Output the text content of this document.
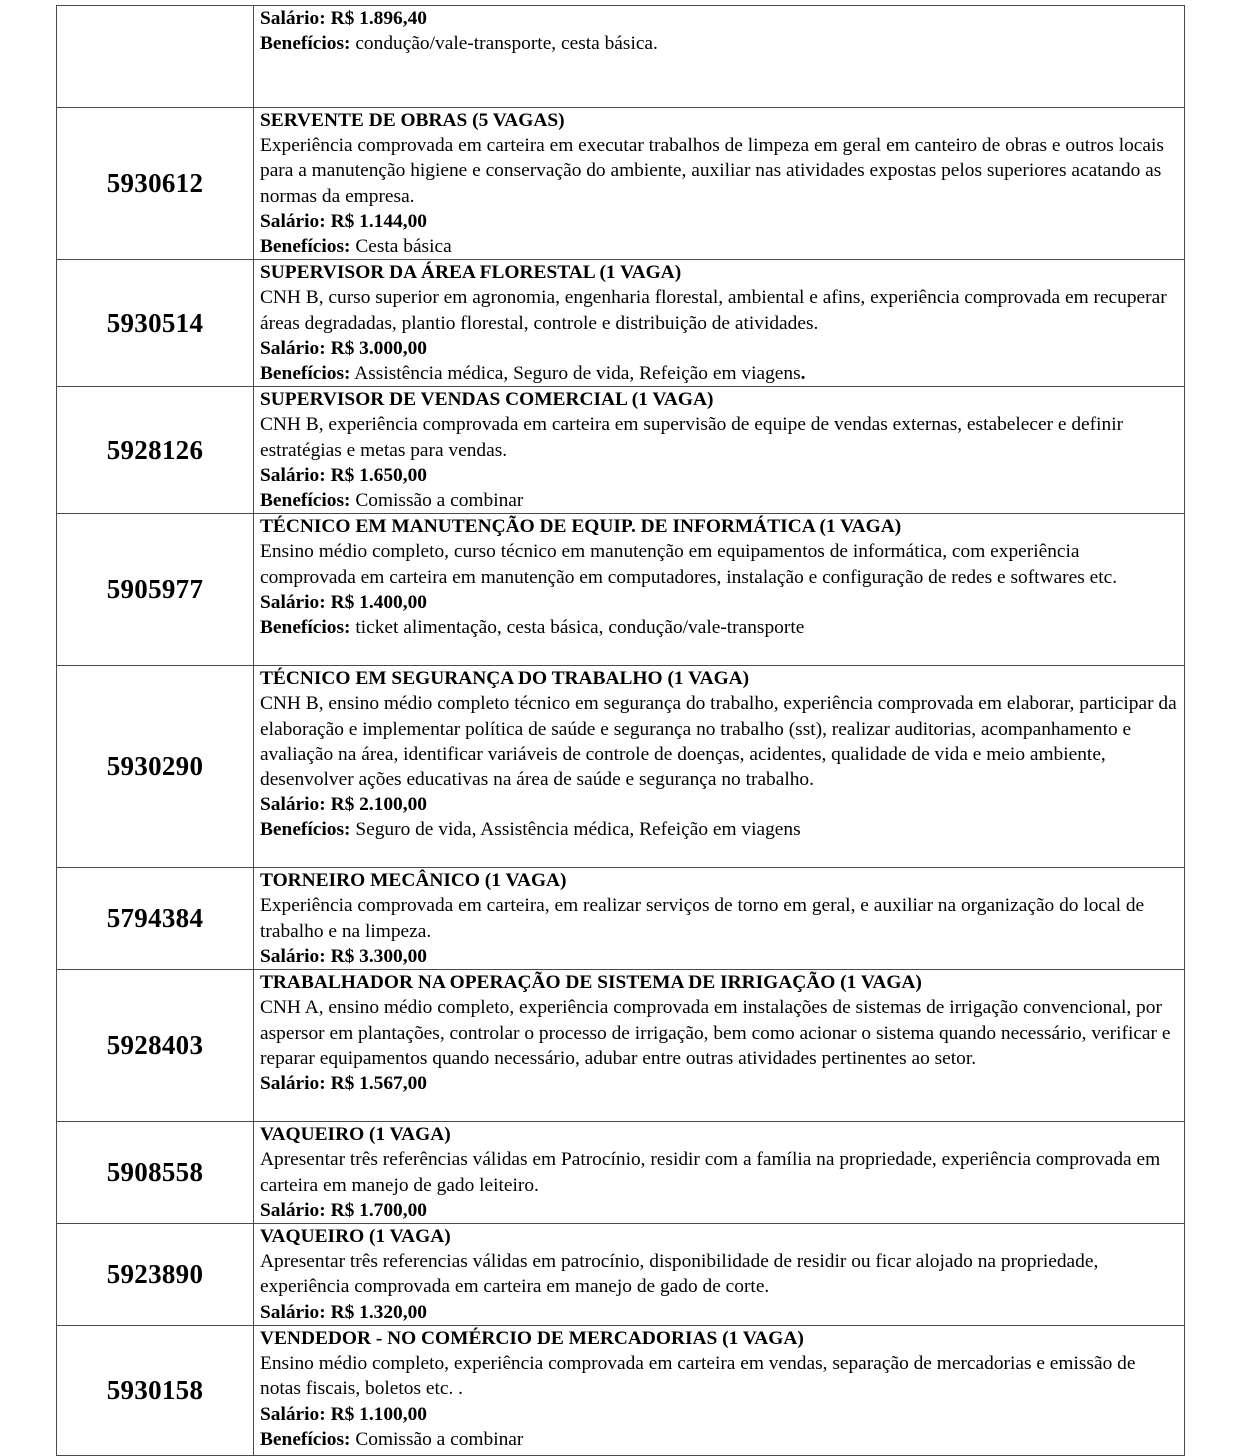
	Salário: R$ 1.896,40
Benefícios: condução/vale-transporte, cesta básica.

5930612	SERVENTE DE OBRAS (5 VAGAS)
Experiência comprovada em carteira em executar trabalhos de limpeza em geral em canteiro de obras e outros locais para a manutenção higiene e conservação do ambiente, auxiliar nas atividades expostas pelos superiores acatando as normas da empresa.
Salário: R$ 1.144,00
Benefícios: Cesta básica

5930514	SUPERVISOR DA ÁREA FLORESTAL (1 VAGA)
CNH B, curso superior em agronomia, engenharia florestal, ambiental e afins, experiência comprovada em recuperar áreas degradadas, plantio florestal, controle e distribuição de atividades.
Salário: R$ 3.000,00
Benefícios: Assistência médica, Seguro de vida, Refeição em viagens.

5928126	SUPERVISOR DE VENDAS COMERCIAL (1 VAGA)
CNH B, experiência comprovada em carteira em supervisão de equipe de vendas externas, estabelecer e definir estratégias e metas para vendas.
Salário: R$ 1.650,00
Benefícios: Comissão a combinar

5905977	TÉCNICO EM MANUTENÇÃO DE EQUIP. DE INFORMÁTICA (1 VAGA)
Ensino médio completo, curso técnico em manutenção em equipamentos de informática, com experiência comprovada em carteira em manutenção em computadores, instalação e configuração de redes e softwares etc.
Salário: R$ 1.400,00
Benefícios: ticket alimentação, cesta básica, condução/vale-transporte

5930290	TÉCNICO EM SEGURANÇA DO TRABALHO (1 VAGA)
CNH B, ensino médio completo técnico em segurança do trabalho, experiência comprovada em elaborar, participar da elaboração e implementar política de saúde e segurança no trabalho (sst), realizar auditorias, acompanhamento e avaliação na área, identificar variáveis de controle de doenças, acidentes, qualidade de vida e meio ambiente, desenvolver ações educativas na área de saúde e segurança no trabalho.
Salário: R$ 2.100,00
Benefícios: Seguro de vida, Assistência médica, Refeição em viagens

5794384	TORNEIRO MECÂNICO (1 VAGA)
Experiência comprovada em carteira, em realizar serviços de torno em geral, e auxiliar na organização do local de trabalho e na limpeza.
Salário: R$ 3.300,00

5928403	TRABALHADOR NA OPERAÇÃO DE SISTEMA DE IRRIGAÇÃO (1 VAGA)
CNH A, ensino médio completo, experiência comprovada em instalações de sistemas de irrigação convencional, por aspersor em plantações, controlar o processo de irrigação, bem como acionar o sistema quando necessário, verificar e reparar equipamentos quando necessário, adubar entre outras atividades pertinentes ao setor.
Salário: R$ 1.567,00

5908558	VAQUEIRO (1 VAGA)
Apresentar três referências válidas em Patrocínio, residir com a família na propriedade, experiência comprovada em carteira em manejo de gado leiteiro.
Salário: R$ 1.700,00

5923890	VAQUEIRO (1 VAGA)
Apresentar três referencias válidas em patrocínio, disponibilidade de residir ou ficar alojado na propriedade, experiência comprovada em carteira em manejo de gado de corte.
Salário: R$ 1.320,00

5930158	VENDEDOR - NO COMÉRCIO DE MERCADORIAS (1 VAGA)
Ensino médio completo, experiência comprovada em carteira em vendas, separação de mercadorias e emissão de notas fiscais, boletos etc. .
Salário: R$ 1.100,00
Benefícios: Comissão a combinar
